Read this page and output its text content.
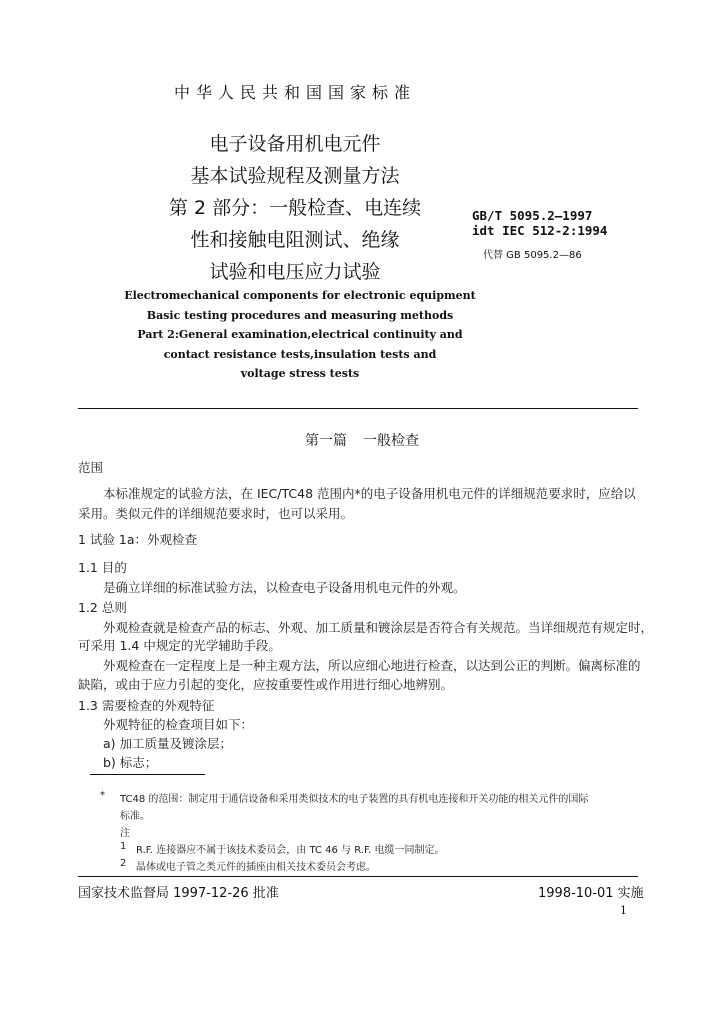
中华人民共和国国家标准
电子设备用机电元件
基本试验规程及测量方法
第 2 部分：一般检查、电连续
性和接触电阻测试、绝缘
试验和电压应力试验
GB/T 5095.2—1997
idt IEC 512-2:1994
代替 GB 5095.2—86
Electromechanical components for electronic equipment
Basic testing procedures and measuring methods
Part 2:General examination,electrical continuity and
contact resistance tests,insulation tests and
voltage stress tests
第一篇 一般检查
范围
本标准规定的试验方法，在 IEC/TC48 范围内*的电子设备用机电元件的详细规范要求时，应给以
采用。类似元件的详细规范要求时，也可以采用。
1 试验 1a：外观检查
1.1 目的
是确立详细的标准试验方法，以检查电子设备用机电元件的外观。
1.2 总则
外观检查就是检查产品的标志、外观、加工质量和镀涂层是否符合有关规范。当详细规范有规定时，
可采用 1.4 中规定的光学辅助手段。
外观检查在一定程度上是一种主观方法，所以应细心地进行检查，以达到公正的判断。偏离标准的
缺陷，或由于应力引起的变化，应按重要性或作用进行细心地辨别。
1.3 需要检查的外观特征
外观特征的检查项目如下：
a) 加工质量及镀涂层；
b) 标志；
* TC48 的范围：制定用于通信设备和采用类似技术的电子装置的具有机电连接和开关功能的相关元件的国际
标准。
注
1 R.F. 连接器应不属于该技术委员会，由 TC 46 与 R.F. 电缆一同制定。
2 晶体或电子管之类元件的插座由相关技术委员会考虑。
国家技术监督局 1997-12-26 批准	1998-10-01 实施
1
